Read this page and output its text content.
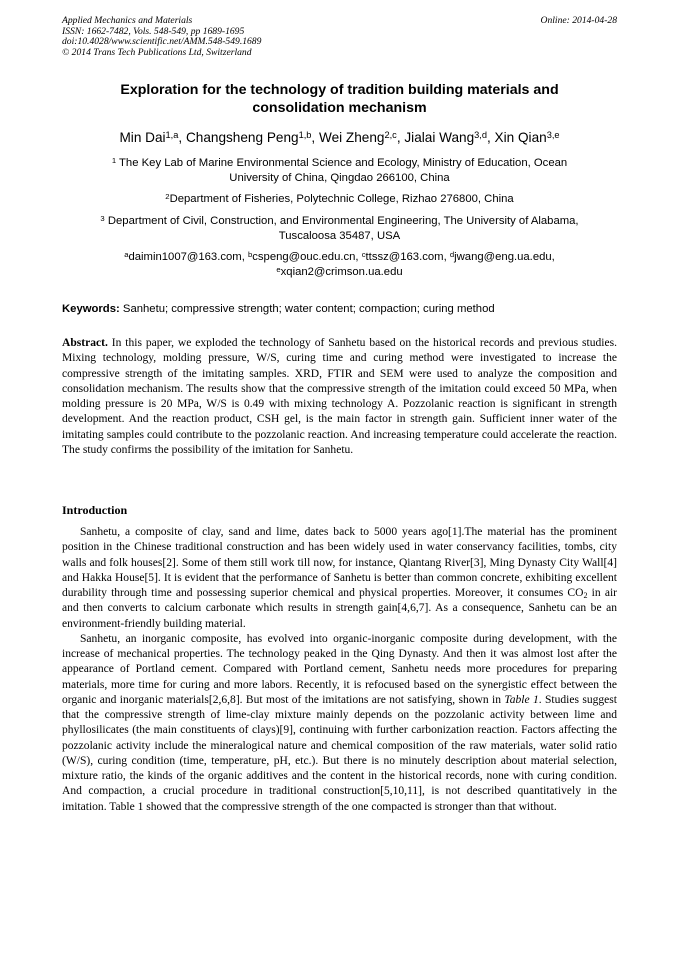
Applied Mechanics and Materials
ISSN: 1662-7482, Vols. 548-549, pp 1689-1695
doi:10.4028/www.scientific.net/AMM.548-549.1689
© 2014 Trans Tech Publications Ltd, Switzerland
Online: 2014-04-28
Exploration for the technology of tradition building materials and
consolidation mechanism
Min Dai$^{1,a}$, Changsheng Peng$^{1,b}$, Wei Zheng$^{2,c}$, Jialai Wang$^{3,d}$, Xin Qian$^{3,e}$
$^1$ The Key Lab of Marine Environmental Science and Ecology, Ministry of Education, Ocean
University of China, Qingdao 266100, China
$^2$Department of Fisheries, Polytechnic College, Rizhao 276800, China
$^3$ Department of Civil, Construction, and Environmental Engineering, The University of Alabama,
Tuscaloosa 35487, USA
$^a$daimin1007@163.com, $^b$cspeng@ouc.edu.cn, $^c$ttssz@163.com, $^d$jwang@eng.ua.edu,
$^e$xqian2@crimson.ua.edu
Keywords: Sanhetu; compressive strength; water content; compaction; curing method
Abstract. In this paper, we exploded the technology of Sanhetu based on the historical records and previous studies. Mixing technology, molding pressure, W/S, curing time and curing method were investigated to increase the compressive strength of the imitating samples. XRD, FTIR and SEM were used to analyze the composition and consolidation mechanism. The results show that the compressive strength of the imitation could exceed 50 MPa, when molding pressure is 20 MPa, W/S is 0.49 with mixing technology A. Pozzolanic reaction is significant in strength development. And the reaction product, CSH gel, is the main factor in strength gain. Sufficient inner water of the imitating samples could contribute to the pozzolanic reaction. And increasing temperature could accelerate the reaction. The study confirms the possibility of the imitation for Sanhetu.
Introduction

Sanhetu, a composite of clay, sand and lime, dates back to 5000 years ago[1].The material has the prominent position in the Chinese traditional construction and has been widely used in water conservancy facilities, tombs, city walls and folk houses[2]. Some of them still work till now, for instance, Qiantang River[3], Ming Dynasty City Wall[4] and Hakka House[5]. It is evident that the performance of Sanhetu is better than common concrete, exhibiting excellent durability through time and possessing superior chemical and physical properties. Moreover, it consumes $CO_2$ in air and then converts to calcium carbonate which results in strength gain[4,6,7]. As a consequence, Sanhetu can be an environment-friendly building material.

Sanhetu, an inorganic composite, has evolved into organic-inorganic composite during development, with the increase of mechanical properties. The technology peaked in the Qing Dynasty. And then it was almost lost after the appearance of Portland cement. Compared with Portland cement, Sanhetu needs more procedures for preparing materials, more time for curing and more labors. Recently, it is refocused based on the synergistic effect between the organic and inorganic materials[2,6,8]. But most of the imitations are not satisfying, shown in Table 1. Studies suggest that the compressive strength of lime-clay mixture mainly depends on the pozzolanic activity between lime and phyllosilicates (the main constituents of clays)[9], continuing with further carbonization reaction. Factors affecting the pozzolanic activity include the mineralogical nature and chemical composition of the raw materials, water solid ratio (W/S), curing condition (time, temperature, pH, etc.). But there is no minutely description about material selection, mixture ratio, the kinds of the organic additives and the content in the historical records, none with curing condition. And compaction, a crucial procedure in traditional construction[5,10,11], is not described quantitatively in the imitation. Table 1 showed that the compressive strength of the one compacted is stronger than that without.
